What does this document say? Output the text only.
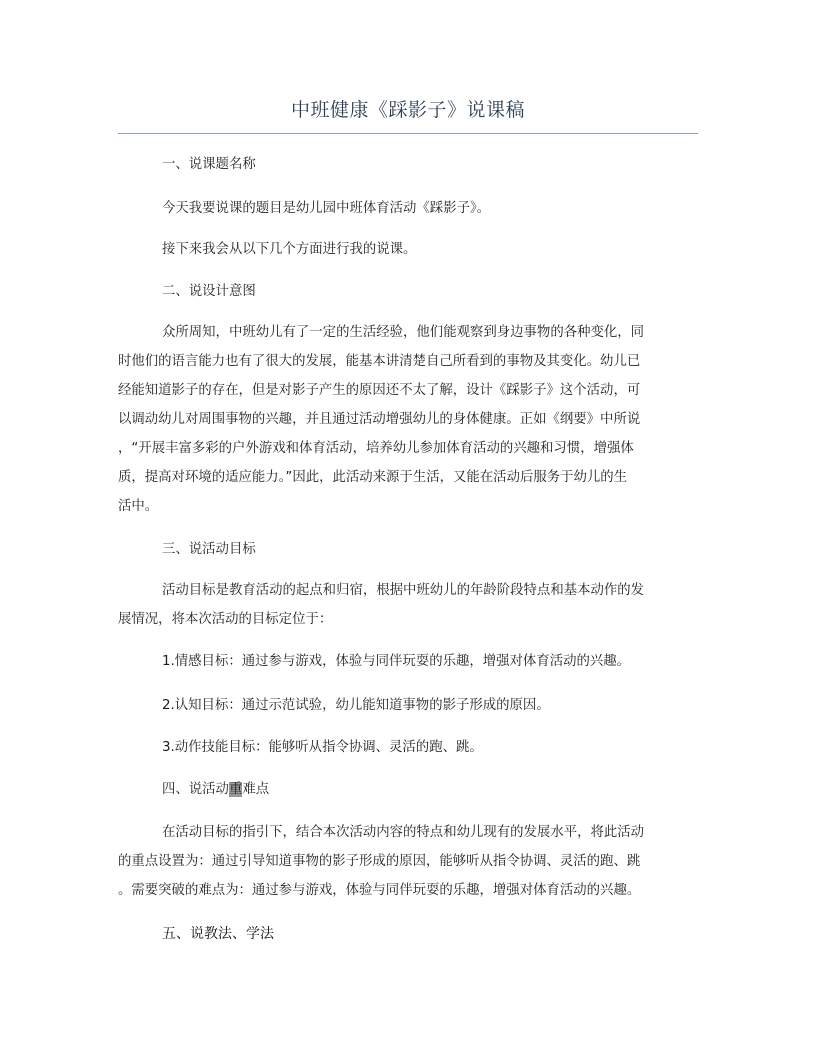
中班健康《踩影子》说课稿
一、说课题名称
今天我要说课的题目是幼儿园中班体育活动《踩影子》。
接下来我会从以下几个方面进行我的说课。
二、说设计意图
众所周知，中班幼儿有了一定的生活经验，他们能观察到身边事物的各种变化，同
时他们的语言能力也有了很大的发展，能基本讲清楚自己所看到的事物及其变化。幼儿已
经能知道影子的存在，但是对影子产生的原因还不太了解，设计《踩影子》这个活动，可
以调动幼儿对周围事物的兴趣，并且通过活动增强幼儿的身体健康。正如《纲要》中所说
，“开展丰富多彩的户外游戏和体育活动，培养幼儿参加体育活动的兴趣和习惯，增强体
质，提高对环境的适应能力。”因此，此活动来源于生活，又能在活动后服务于幼儿的生
活中。
三、说活动目标
活动目标是教育活动的起点和归宿，根据中班幼儿的年龄阶段特点和基本动作的发
展情况，将本次活动的目标定位于：
1.情感目标：通过参与游戏，体验与同伴玩耍的乐趣，增强对体育活动的兴趣。
2.认知目标：通过示范试验，幼儿能知道事物的影子形成的原因。
3.动作技能目标：能够听从指令协调、灵活的跑、跳。
四、说活动重难点
在活动目标的指引下，结合本次活动内容的特点和幼儿现有的发展水平，将此活动
的重点设置为：通过引导知道事物的影子形成的原因，能够听从指令协调、灵活的跑、跳
。需要突破的难点为：通过参与游戏，体验与同伴玩耍的乐趣，增强对体育活动的兴趣。
五、说教法、学法
